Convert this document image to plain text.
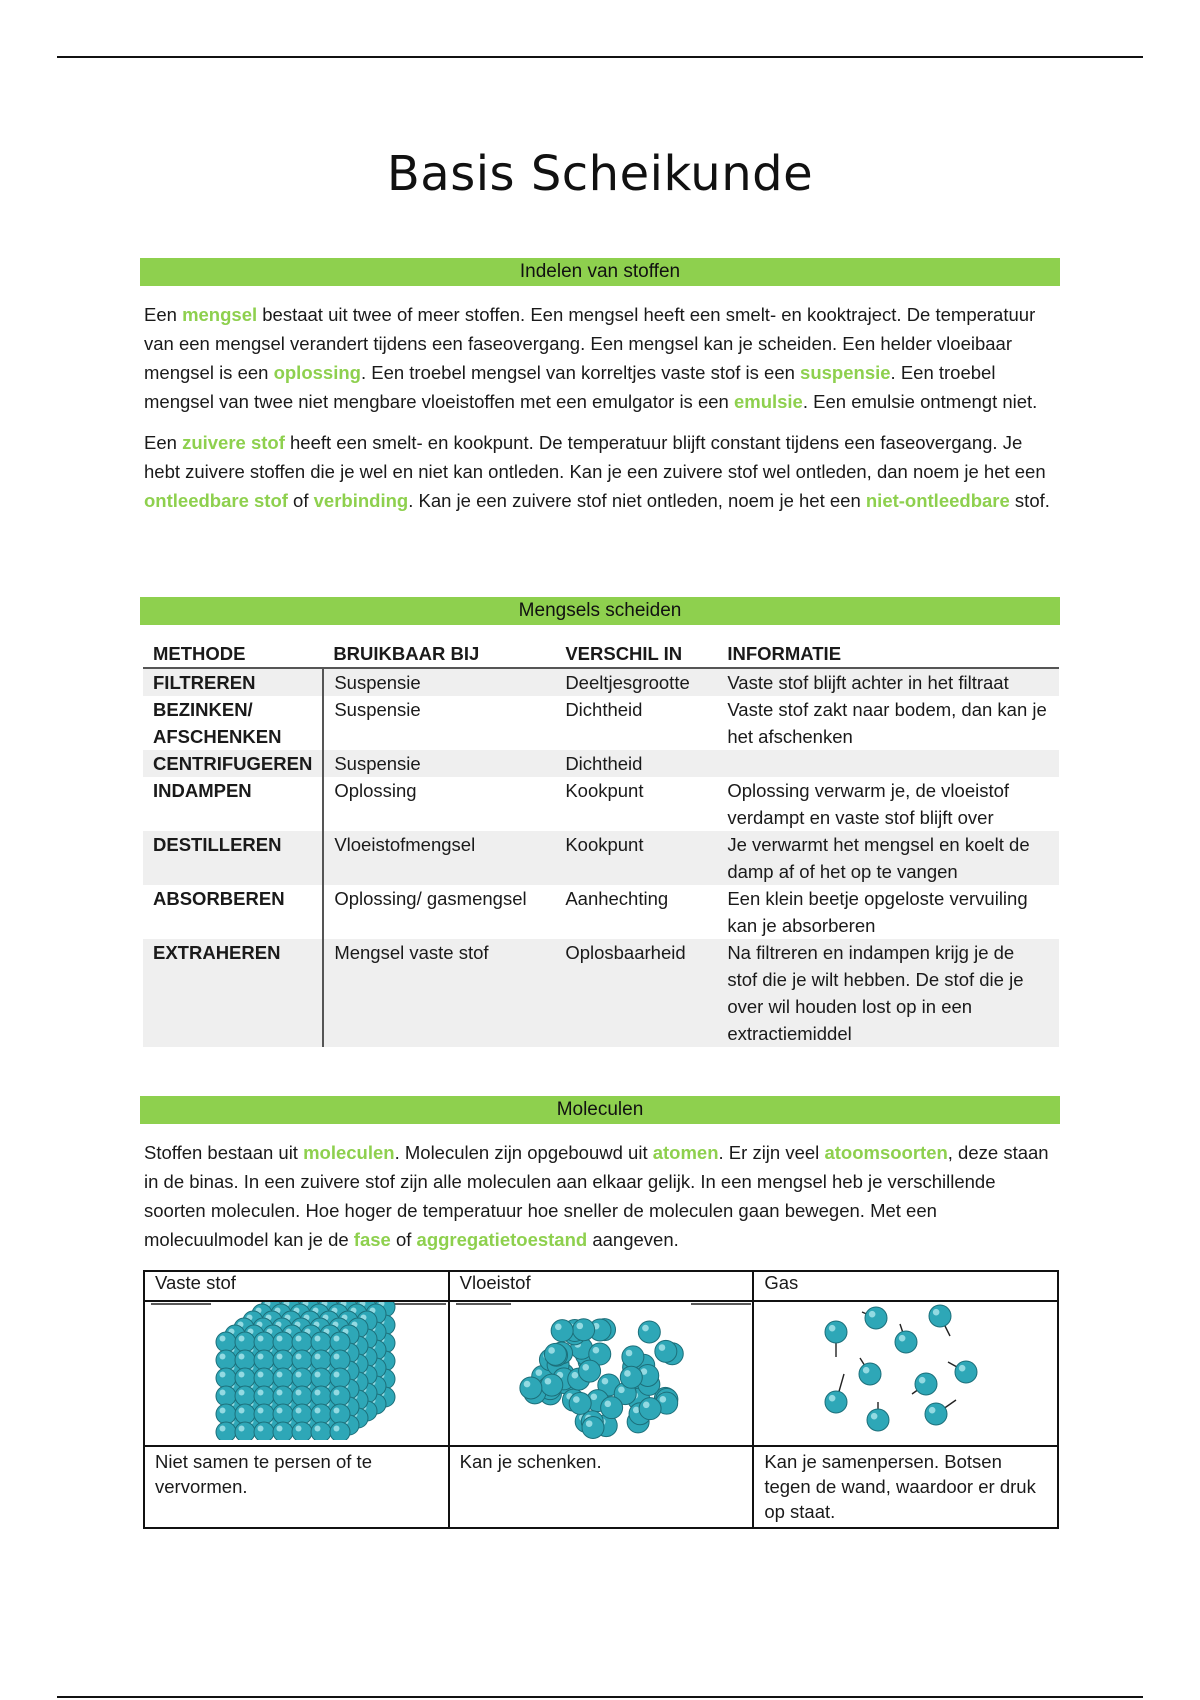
Basis Scheikunde
Indelen van stoffen

Een mengsel bestaat uit twee of meer stoffen. Een mengsel heeft een smelt- en kooktraject. De temperatuur van een mengsel verandert tijdens een faseovergang. Een mengsel kan je scheiden. Een helder vloeibaar mengsel is een oplossing. Een troebel mengsel van korreltjes vaste stof is een suspensie. Een troebel mengsel van twee niet mengbare vloeistoffen met een emulgator is een emulsie. Een emulsie ontmengt niet.

Een zuivere stof heeft een smelt- en kookpunt. De temperatuur blijft constant tijdens een faseovergang. Je hebt zuivere stoffen die je wel en niet kan ontleden. Kan je een zuivere stof wel ontleden, dan noem je het een ontleedbare stof of verbinding. Kan je een zuivere stof niet ontleden, noem je het een niet-ontleedbare stof.

Mengsels scheiden
METHODE	BRUIKBAAR BIJ	VERSCHIL IN	INFORMATIE
FILTREREN	Suspensie	Deeltjesgrootte	Vaste stof blijft achter in het filtraat
BEZINKEN/ AFSCHENKEN	Suspensie	Dichtheid	Vaste stof zakt naar bodem, dan kan je het afschenken
CENTRIFUGEREN	Suspensie	Dichtheid	
INDAMPEN	Oplossing	Kookpunt	Oplossing verwarm je, de vloeistof verdampt en vaste stof blijft over
DESTILLEREN	Vloeistofmengsel	Kookpunt	Je verwarmt het mengsel en koelt de damp af of het op te vangen
ABSORBEREN	Oplossing/ gasmengsel	Aanhechting	Een klein beetje opgeloste vervuiling kan je absorberen
EXTRAHEREN	Mengsel vaste stof	Oplosbaarheid	Na filtreren en indampen krijg je de stof die je wilt hebben. De stof die je over wil houden lost op in een extractiemiddel
Moleculen

Stoffen bestaan uit moleculen. Moleculen zijn opgebouwd uit atomen. Er zijn veel atoomsoorten, deze staan in de binas. In een zuivere stof zijn alle moleculen aan elkaar gelijk. In een mengsel heb je verschillende soorten moleculen. Hoe hoger de temperatuur hoe sneller de moleculen gaan bewegen. Met een molecuulmodel kan je de fase of aggregatietoestand aangeven.

Vaste stof	Vloeistof	Gas

Niet samen te persen of te vervormen.	Kan je schenken.	Kan je samenpersen. Botsen tegen de wand, waardoor er druk op staat.
